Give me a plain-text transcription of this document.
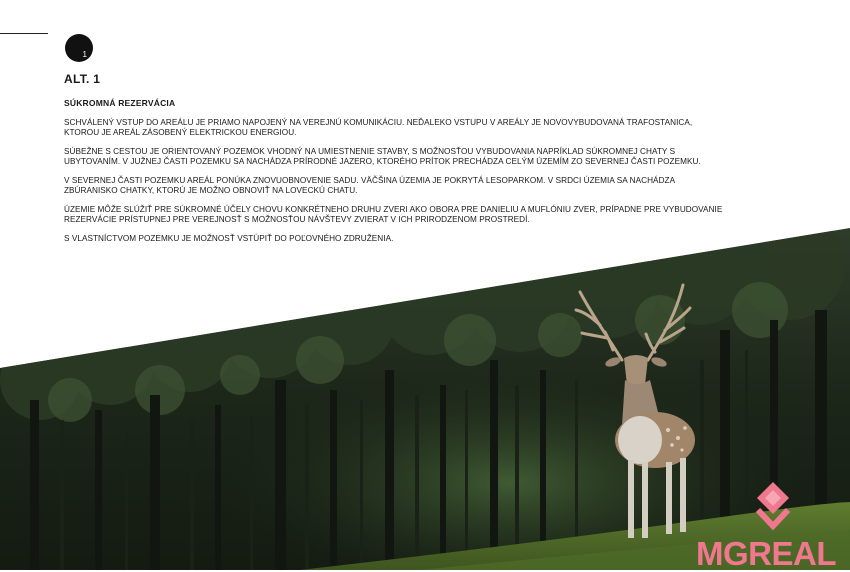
1
ALT. 1
SÚKROMNÁ REZERVÁCIA

SCHVÁLENÝ VSTUP DO AREÁLU JE PRIAMO NAPOJENÝ NA VEREJNÚ KOMUNIKÁCIU. NEĎALEKO VSTUPU V AREÁLY JE NOVOVYBUDOVANÁ TRAFOSTANICA, KTOROU JE AREÁL ZÁSOBENÝ ELEKTRICKOU ENERGIOU.

SÚBEŽNE S CESTOU JE ORIENTOVANÝ POZEMOK VHODNÝ NA UMIESTNENIE STAVBY, S MOŽNOSŤOU VYBUDOVANIA NAPRÍKLAD SÚKROMNEJ CHATY S UBYTOVANÍM. V JUŽNEJ ČASTI POZEMKU SA NACHÁDZA PRÍRODNÉ JAZERO, KTORÉHO PRÍTOK PRECHÁDZA CELÝM ÚZEMÍM ZO SEVERNEJ ČASTI POZEMKU.

V SEVERNEJ ČASTI POZEMKU AREÁL PONÚKA ZNOVUOBNOVENIE SADU. VÄČŠINA ÚZEMIA JE POKRYTÁ LESOPARKOM. V SRDCI ÚZEMIA SA NACHÁDZA ZBÚRANISKO CHATKY, KTORÚ JE MOŽNO OBNOVIŤ NA LOVECKÚ CHATU.

ÚZEMIE MÔŽE SLÚŽIŤ PRE SÚKROMNÉ ÚČELY CHOVU KONKRÉTNEHO DRUHU ZVERI AKO OBORA PRE DANIELIU A MUFLÓNIU ZVER, PRÍPADNE PRE VYBUDOVANIE REZERVÁCIE PRÍSTUPNEJ PRE VEREJNOSŤ S MOŽNOSŤOU NÁVŠTEVY ZVIERAT V ICH PRIRODZENOM PROSTREDÍ.

S VLASTNÍCTVOM POZEMKU JE MOŽNOSŤ VSTÚPIŤ DO POĽOVNÉHO ZDRUŽENIA.

MGREAL
